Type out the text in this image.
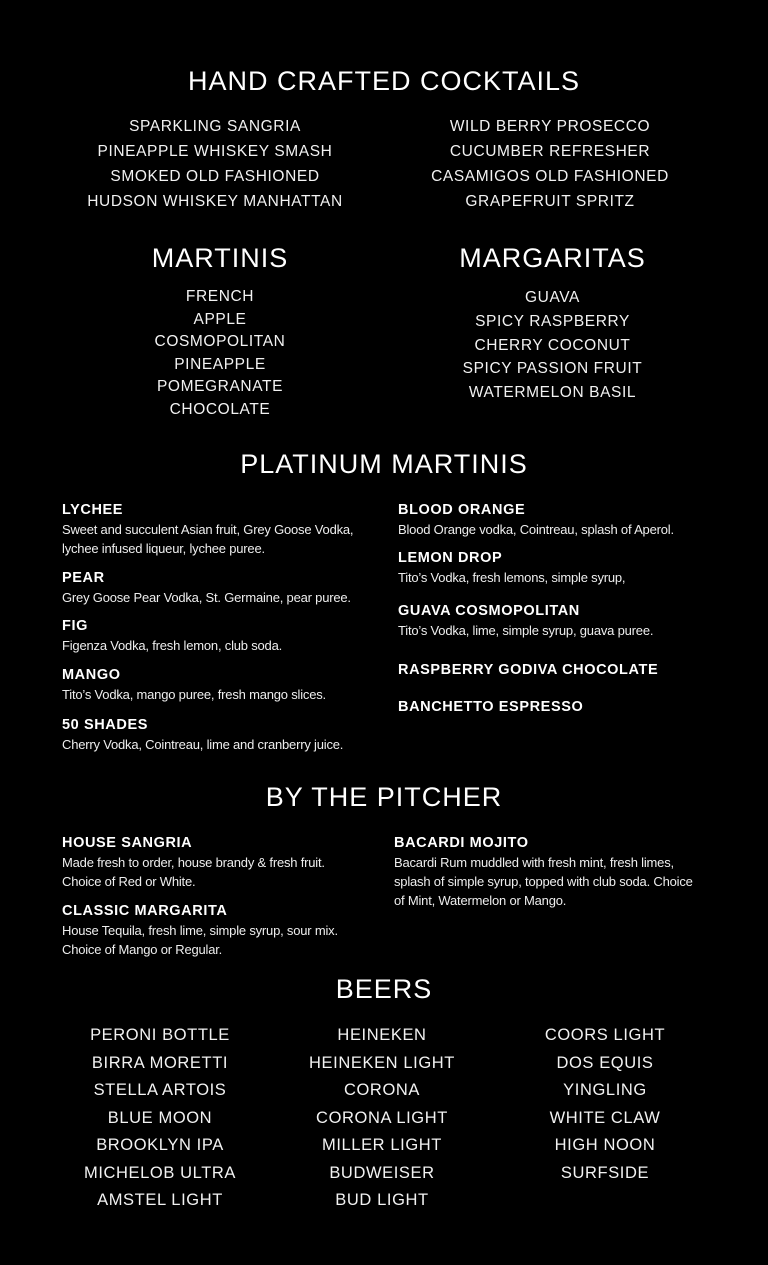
HAND CRAFTED COCKTAILS
SPARKLING SANGRIA
PINEAPPLE WHISKEY SMASH
SMOKED OLD FASHIONED
HUDSON WHISKEY MANHATTAN
WILD BERRY PROSECCO
CUCUMBER REFRESHER
CASAMIGOS OLD FASHIONED
GRAPEFRUIT SPRITZ
MARTINIS
FRENCH
APPLE
COSMOPOLITAN
PINEAPPLE
POMEGRANATE
CHOCOLATE
MARGARITAS
GUAVA
SPICY RASPBERRY
CHERRY COCONUT
SPICY PASSION FRUIT
WATERMELON BASIL
PLATINUM MARTINIS
LYCHEE
Sweet and succulent Asian fruit, Grey Goose Vodka, lychee infused liqueur, lychee puree.
PEAR
Grey Goose Pear Vodka, St. Germaine, pear puree.
FIG
Figenza Vodka, fresh lemon, club soda.
MANGO
Tito’s Vodka, mango puree, fresh mango slices.
50 SHADES
Cherry Vodka, Cointreau, lime and cranberry juice.
BLOOD ORANGE
Blood Orange vodka, Cointreau, splash of Aperol.
LEMON DROP
Tito’s Vodka, fresh lemons, simple syrup,
GUAVA COSMOPOLITAN
Tito’s Vodka, lime, simple syrup, guava puree.
RASPBERRY GODIVA CHOCOLATE
BANCHETTO ESPRESSO
BY THE PITCHER
HOUSE SANGRIA
Made fresh to order, house brandy & fresh fruit. Choice of Red or White.
CLASSIC MARGARITA
House Tequila, fresh lime, simple syrup, sour mix. Choice of Mango or Regular.
BACARDI MOJITO
Bacardi Rum muddled with fresh mint, fresh limes, splash of simple syrup, topped with club soda. Choice of Mint, Watermelon or Mango.
BEERS
PERONI BOTTLE
BIRRA MORETTI
STELLA ARTOIS
BLUE MOON
BROOKLYN IPA
MICHELOB ULTRA
AMSTEL LIGHT
HEINEKEN
HEINEKEN LIGHT
CORONA
CORONA LIGHT
MILLER LIGHT
BUDWEISER
BUD LIGHT
COORS LIGHT
DOS EQUIS
YINGLING
WHITE CLAW
HIGH NOON
SURFSIDE
